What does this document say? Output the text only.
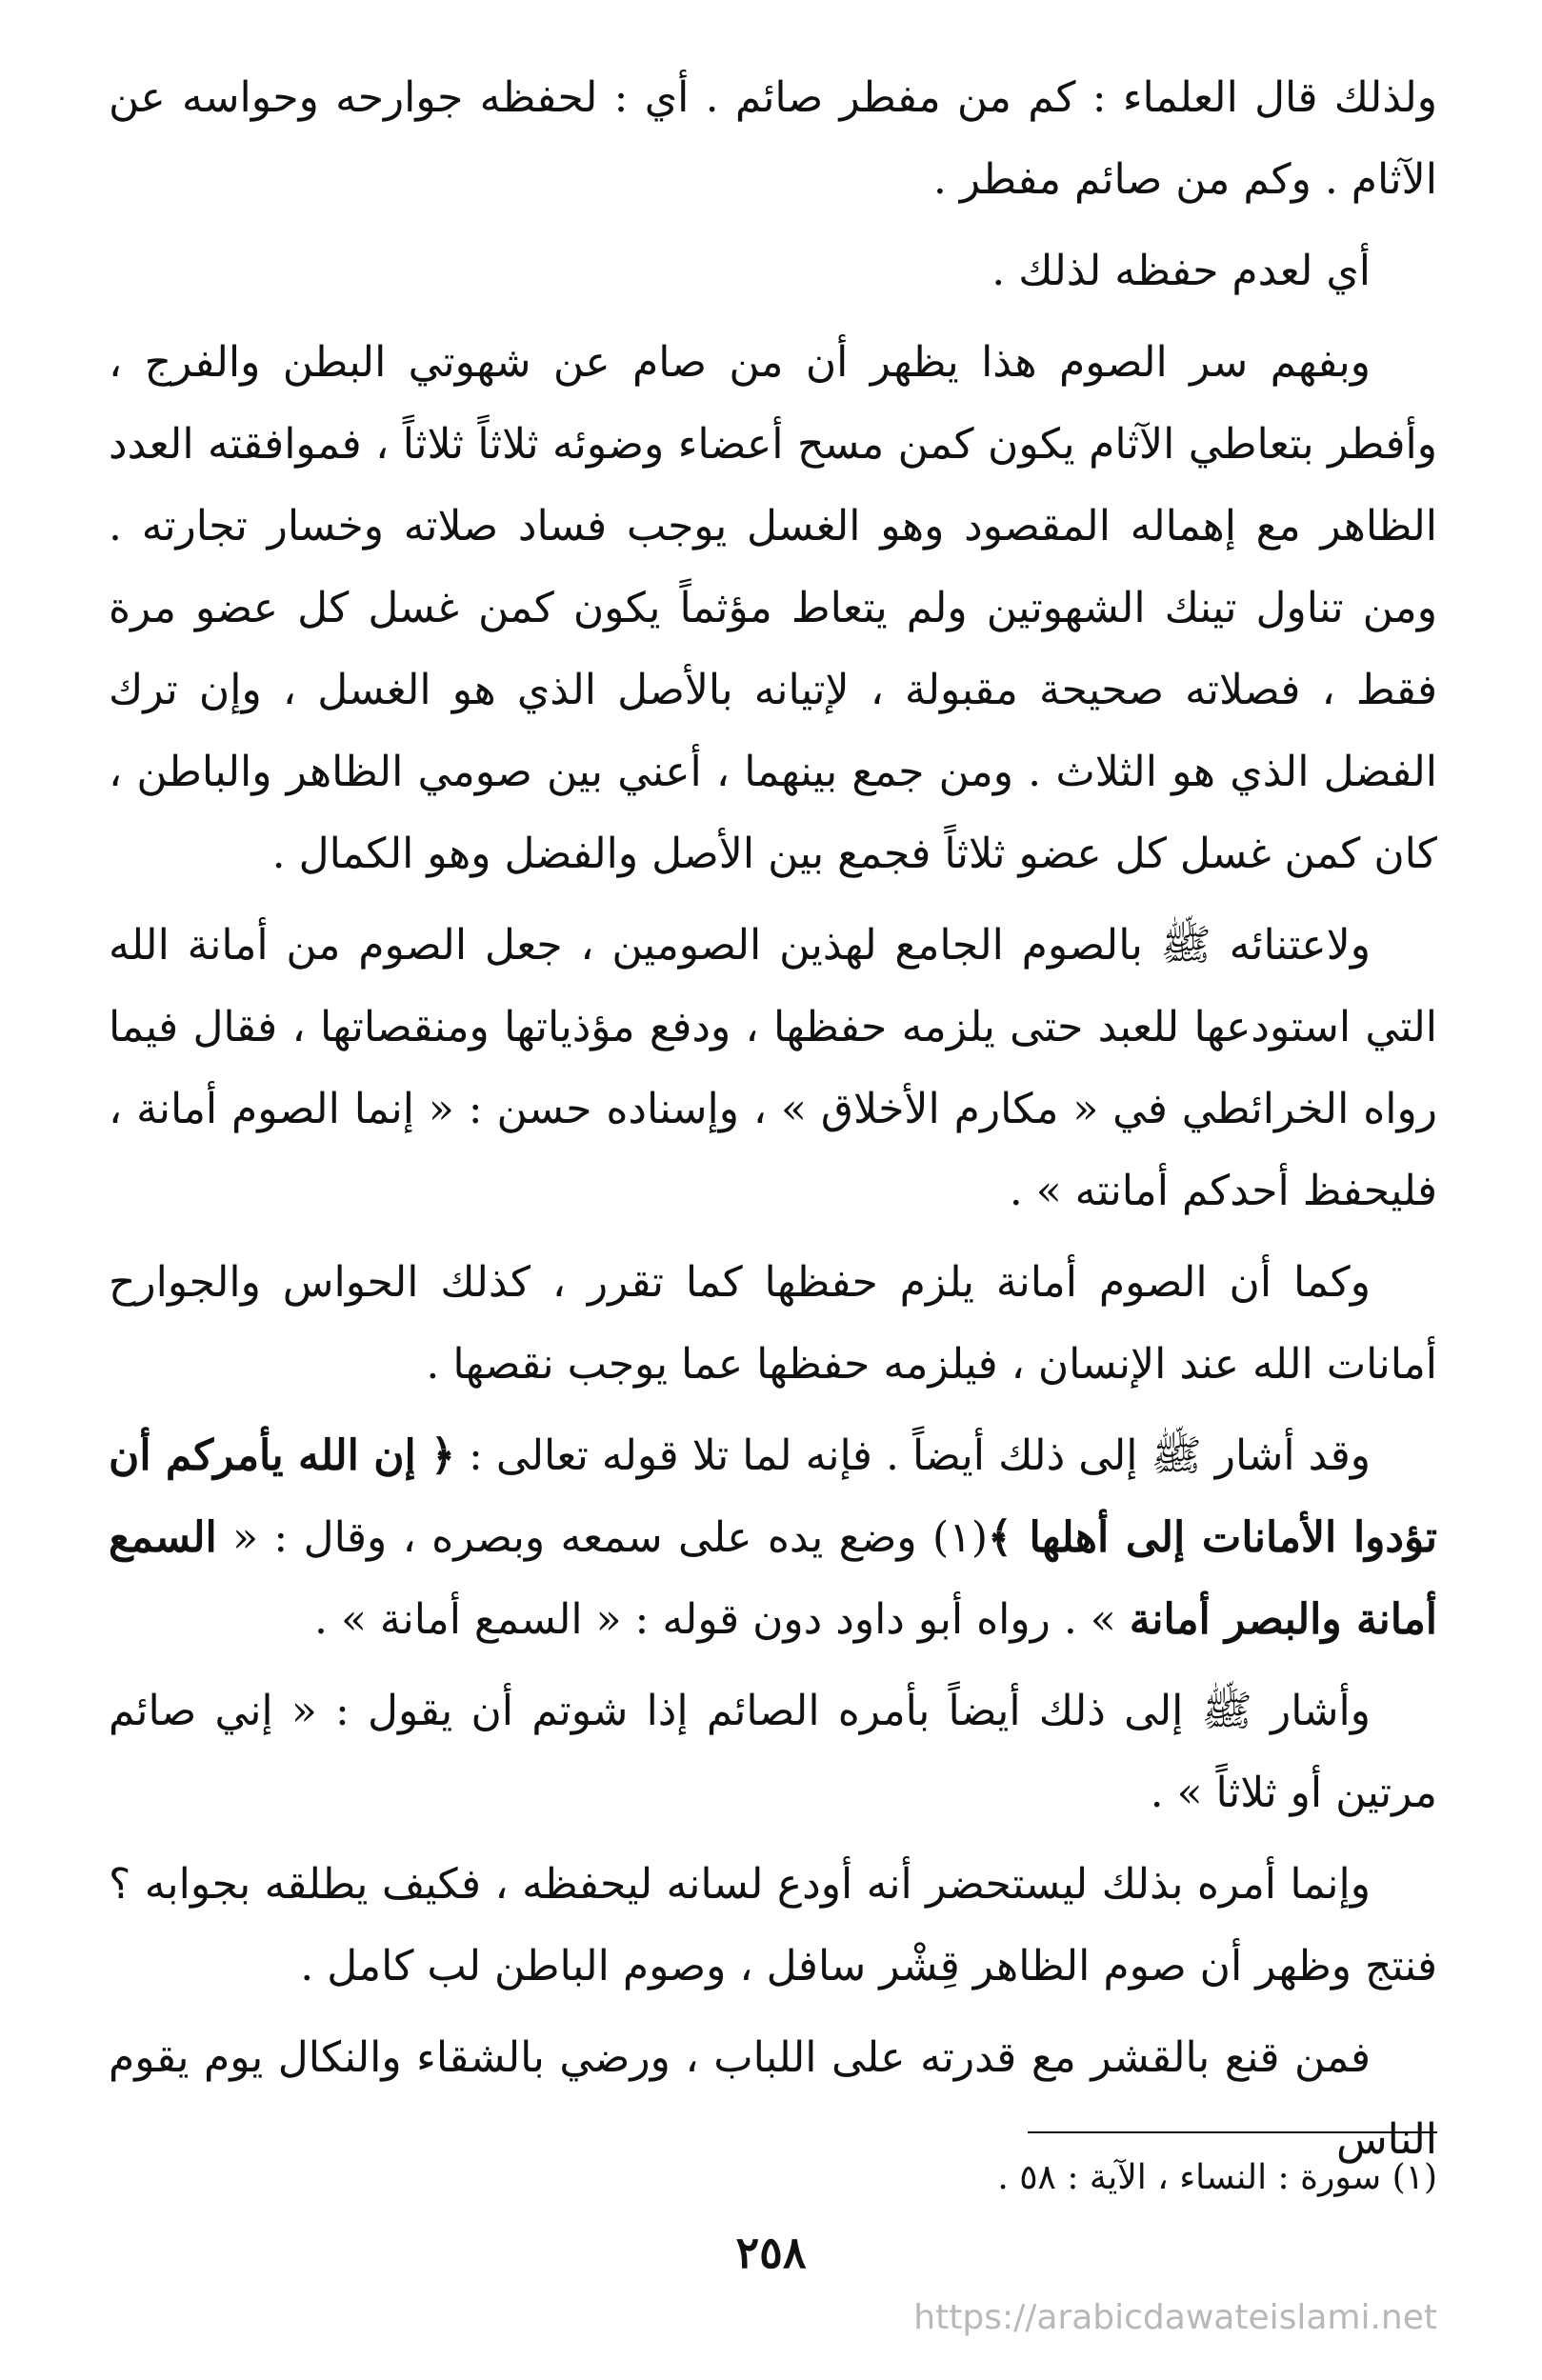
ولذلك قال العلماء : كم من مفطر صائم . أي : لحفظه جوارحه وحواسه عن الآثام . وكم من صائم مفطر .

أي لعدم حفظه لذلك .

وبفهم سر الصوم هذا يظهر أن من صام عن شهوتي البطن والفرج ، وأفطر بتعاطي الآثام يكون كمن مسح أعضاء وضوئه ثلاثاً ثلاثاً ، فموافقته العدد الظاهر مع إهماله المقصود وهو الغسل يوجب فساد صلاته وخسار تجارته . ومن تناول تينك الشهوتين ولم يتعاط مؤثماً يكون كمن غسل كل عضو مرة فقط ، فصلاته صحيحة مقبولة ، لإتيانه بالأصل الذي هو الغسل ، وإن ترك الفضل الذي هو الثلاث . ومن جمع بينهما ، أعني بين صومي الظاهر والباطن ، كان كمن غسل كل عضو ثلاثاً فجمع بين الأصل والفضل وهو الكمال .

ولاعتنائه ﷺ بالصوم الجامع لهذين الصومين ، جعل الصوم من أمانة الله التي استودعها للعبد حتى يلزمه حفظها ، ودفع مؤذياتها ومنقصاتها ، فقال فيما رواه الخرائطي في « مكارم الأخلاق » ، وإسناده حسن : « إنما الصوم أمانة ، فليحفظ أحدكم أمانته » .

وكما أن الصوم أمانة يلزم حفظها كما تقرر ، كذلك الحواس والجوارح أمانات الله عند الإنسان ، فيلزمه حفظها عما يوجب نقصها .

وقد أشار ﷺ إلى ذلك أيضاً . فإنه لما تلا قوله تعالى : ﴿ إن الله يأمركم أن تؤدوا الأمانات إلى أهلها ﴾(١) وضع يده على سمعه وبصره ، وقال : « السمع أمانة والبصر أمانة » . رواه أبو داود دون قوله : « السمع أمانة » .

وأشار ﷺ إلى ذلك أيضاً بأمره الصائم إذا شوتم أن يقول : « إني صائم مرتين أو ثلاثاً » .

وإنما أمره بذلك ليستحضر أنه أودع لسانه ليحفظه ، فكيف يطلقه بجوابه ؟ فنتج وظهر أن صوم الظاهر قِشْر سافل ، وصوم الباطن لب كامل .

فمن قنع بالقشر مع قدرته على اللباب ، ورضي بالشقاء والنكال يوم يقوم الناس

(١) سورة : النساء ، الآية : ٥٨ .
٢٥٨
https://arabicdawateislami.net
